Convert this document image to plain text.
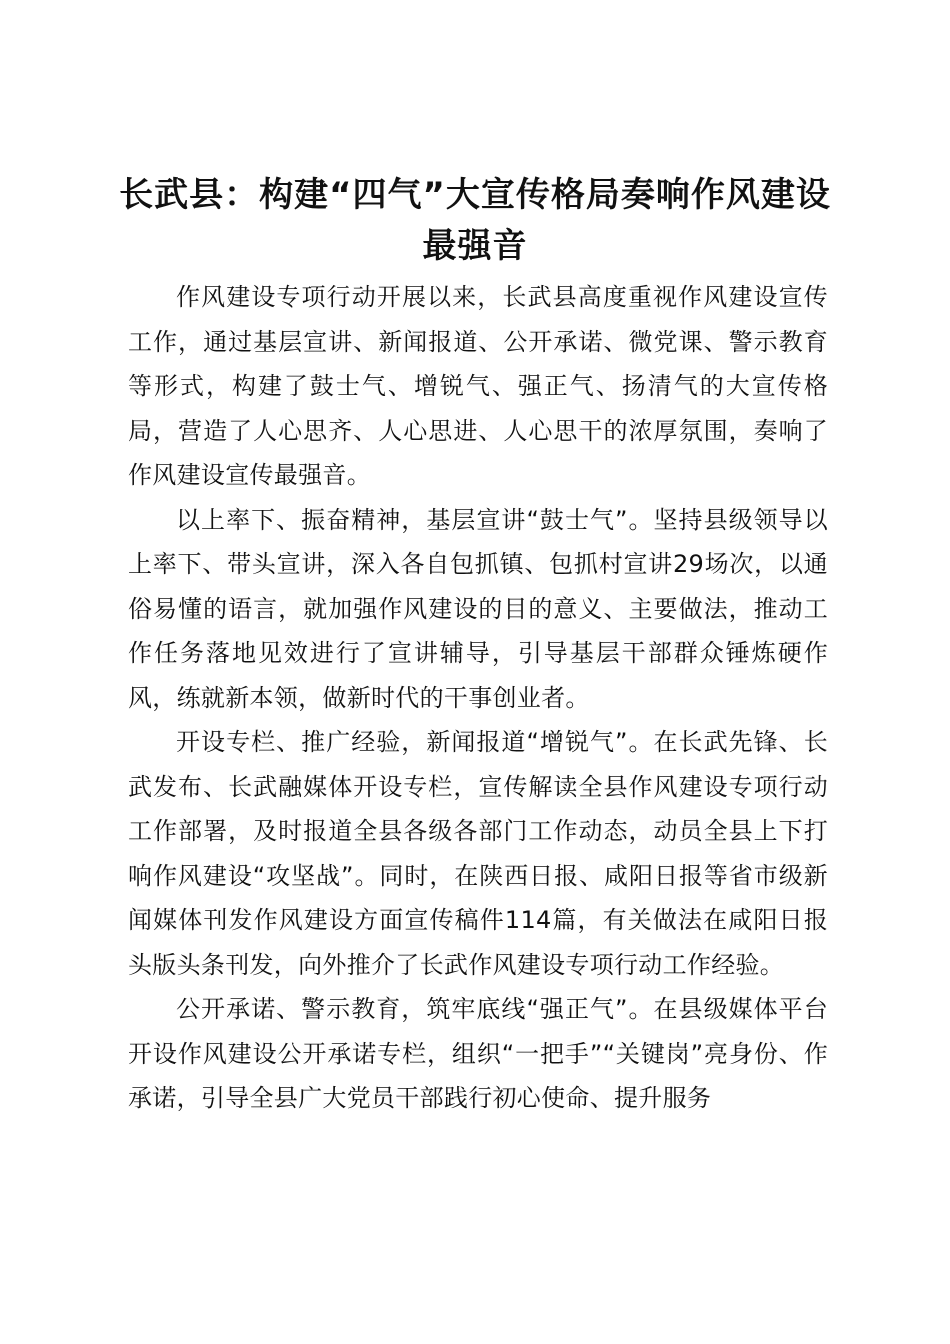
长武县：构建“四气”大宣传格局奏响作风建设最强音

作风建设专项行动开展以来，长武县高度重视作风建设宣传工作，通过基层宣讲、新闻报道、公开承诺、微党课、警示教育等形式，构建了鼓士气、增锐气、强正气、扬清气的大宣传格局，营造了人心思齐、人心思进、人心思干的浓厚氛围，奏响了作风建设宣传最强音。

以上率下、振奋精神，基层宣讲“鼓士气”。坚持县级领导以上率下、带头宣讲，深入各自包抓镇、包抓村宣讲29场次，以通俗易懂的语言，就加强作风建设的目的意义、主要做法，推动工作任务落地见效进行了宣讲辅导，引导基层干部群众锤炼硬作风，练就新本领，做新时代的干事创业者。

开设专栏、推广经验，新闻报道“增锐气”。在长武先锋、长武发布、长武融媒体开设专栏，宣传解读全县作风建设专项行动工作部署，及时报道全县各级各部门工作动态，动员全县上下打响作风建设“攻坚战”。同时，在陕西日报、咸阳日报等省市级新闻媒体刊发作风建设方面宣传稿件114篇，有关做法在咸阳日报头版头条刊发，向外推介了长武作风建设专项行动工作经验。

公开承诺、警示教育，筑牢底线“强正气”。在县级媒体平台开设作风建设公开承诺专栏，组织“一把手”“关键岗”亮身份、作承诺，引导全县广大党员干部践行初心使命、提升服务
